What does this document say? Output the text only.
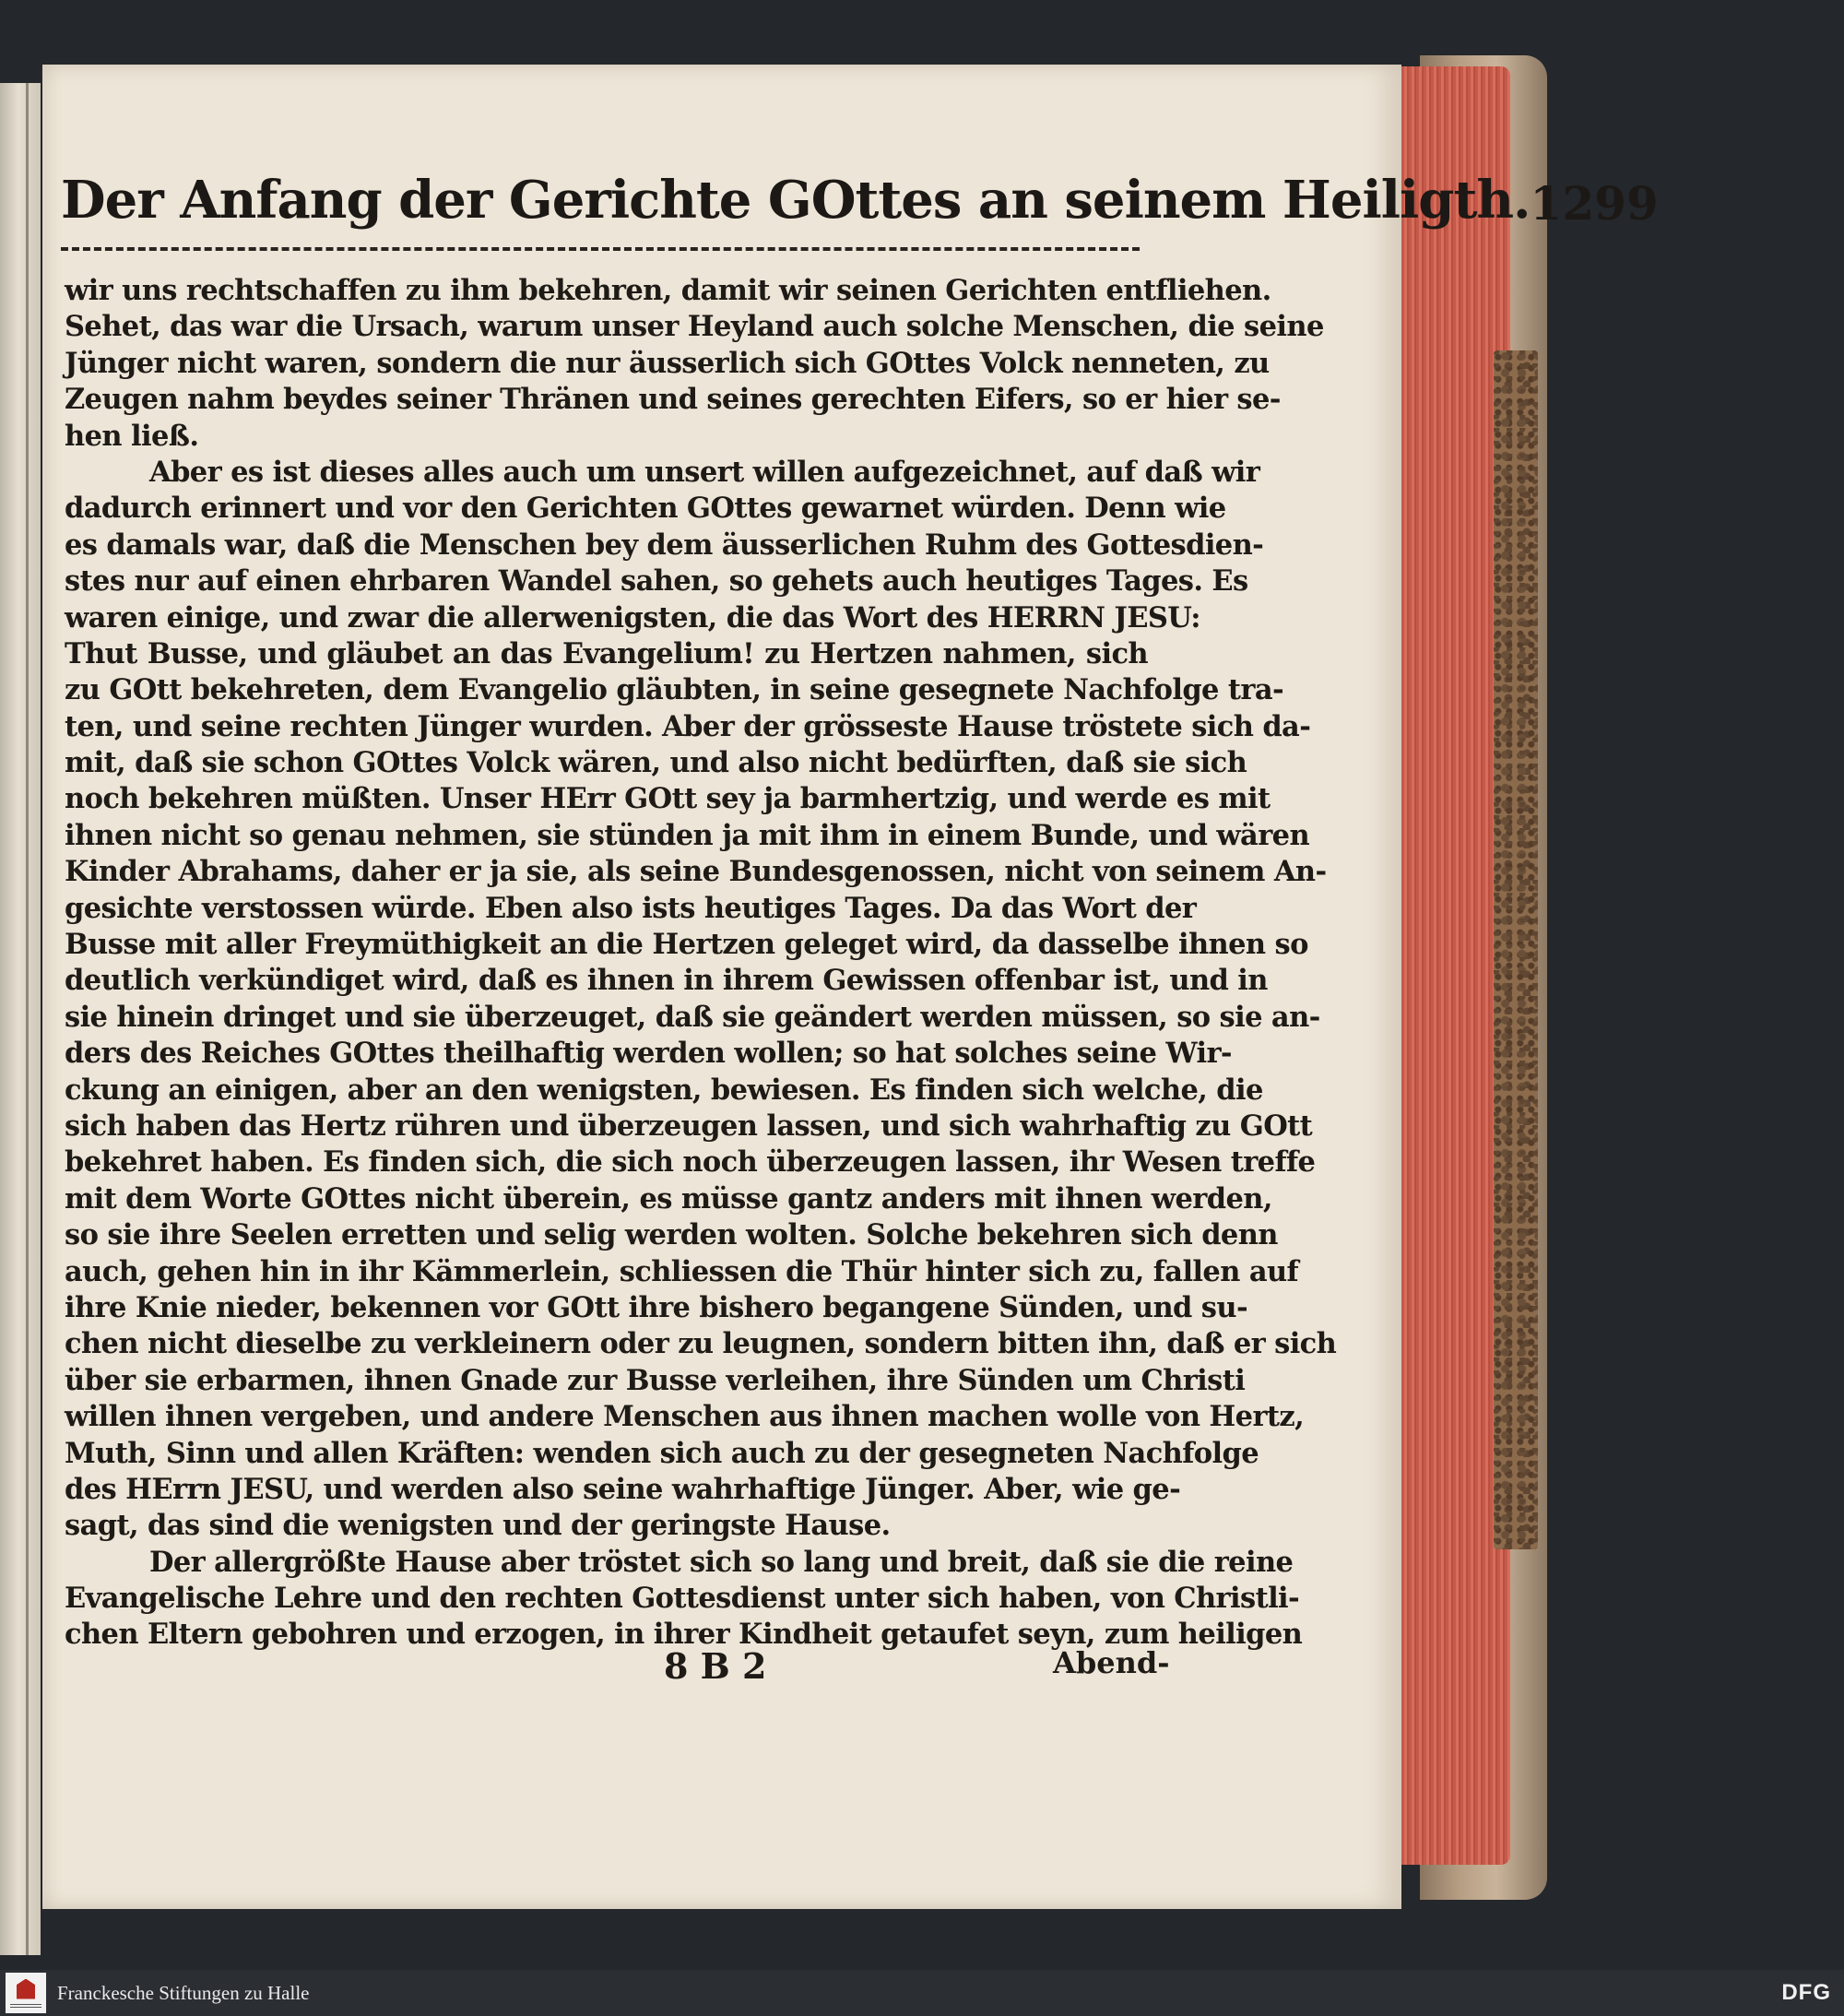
Der Anfang der Gerichte GOttes an seinem Heiligth. 1299
wir uns rechtschaffen zu ihm bekehren, damit wir seinen Gerichten entfliehen.
Sehet, das war die Ursach, warum unser Heyland auch solche Menschen, die seine
Jünger nicht waren, sondern die nur äusserlich sich GOttes Volck nenneten, zu
Zeugen nahm beydes seiner Thränen und seines gerechten Eifers, so er hier se-
hen ließ.
Aber es ist dieses alles auch um unsert willen aufgezeichnet, auf daß wir
dadurch erinnert und vor den Gerichten GOttes gewarnet würden. Denn wie
es damals war, daß die Menschen bey dem äusserlichen Ruhm des Gottesdien-
stes nur auf einen ehrbaren Wandel sahen, so gehets auch heutiges Tages. Es
waren einige, und zwar die allerwenigsten, die das Wort des HERRN JESU:
Thut Busse, und gläubet an das Evangelium! zu Hertzen nahmen, sich
zu GOtt bekehreten, dem Evangelio gläubten, in seine gesegnete Nachfolge tra-
ten, und seine rechten Jünger wurden. Aber der grösseste Hause tröstete sich da-
mit, daß sie schon GOttes Volck wären, und also nicht bedürften, daß sie sich
noch bekehren müßten. Unser HErr GOtt sey ja barmhertzig, und werde es mit
ihnen nicht so genau nehmen, sie stünden ja mit ihm in einem Bunde, und wären
Kinder Abrahams, daher er ja sie, als seine Bundesgenossen, nicht von seinem An-
gesichte verstossen würde. Eben also ists heutiges Tages. Da das Wort der
Busse mit aller Freymüthigkeit an die Hertzen geleget wird, da dasselbe ihnen so
deutlich verkündiget wird, daß es ihnen in ihrem Gewissen offenbar ist, und in
sie hinein dringet und sie überzeuget, daß sie geändert werden müssen, so sie an-
ders des Reiches GOttes theilhaftig werden wollen; so hat solches seine Wir-
ckung an einigen, aber an den wenigsten, bewiesen. Es finden sich welche, die
sich haben das Hertz rühren und überzeugen lassen, und sich wahrhaftig zu GOtt
bekehret haben. Es finden sich, die sich noch überzeugen lassen, ihr Wesen treffe
mit dem Worte GOttes nicht überein, es müsse gantz anders mit ihnen werden,
so sie ihre Seelen erretten und selig werden wolten. Solche bekehren sich denn
auch, gehen hin in ihr Kämmerlein, schliessen die Thür hinter sich zu, fallen auf
ihre Knie nieder, bekennen vor GOtt ihre bishero begangene Sünden, und su-
chen nicht dieselbe zu verkleinern oder zu leugnen, sondern bitten ihn, daß er sich
über sie erbarmen, ihnen Gnade zur Busse verleihen, ihre Sünden um Christi
willen ihnen vergeben, und andere Menschen aus ihnen machen wolle von Hertz,
Muth, Sinn und allen Kräften: wenden sich auch zu der gesegneten Nachfolge
des HErrn JESU, und werden also seine wahrhaftige Jünger. Aber, wie ge-
sagt, das sind die wenigsten und der geringste Hause.
Der allergrößte Hause aber tröstet sich so lang und breit, daß sie die reine
Evangelische Lehre und den rechten Gottesdienst unter sich haben, von Christli-
chen Eltern gebohren und erzogen, in ihrer Kindheit getaufet seyn, zum heiligen
8 B 2	Abend-
Franckesche Stiftungen zu Halle	DFG
